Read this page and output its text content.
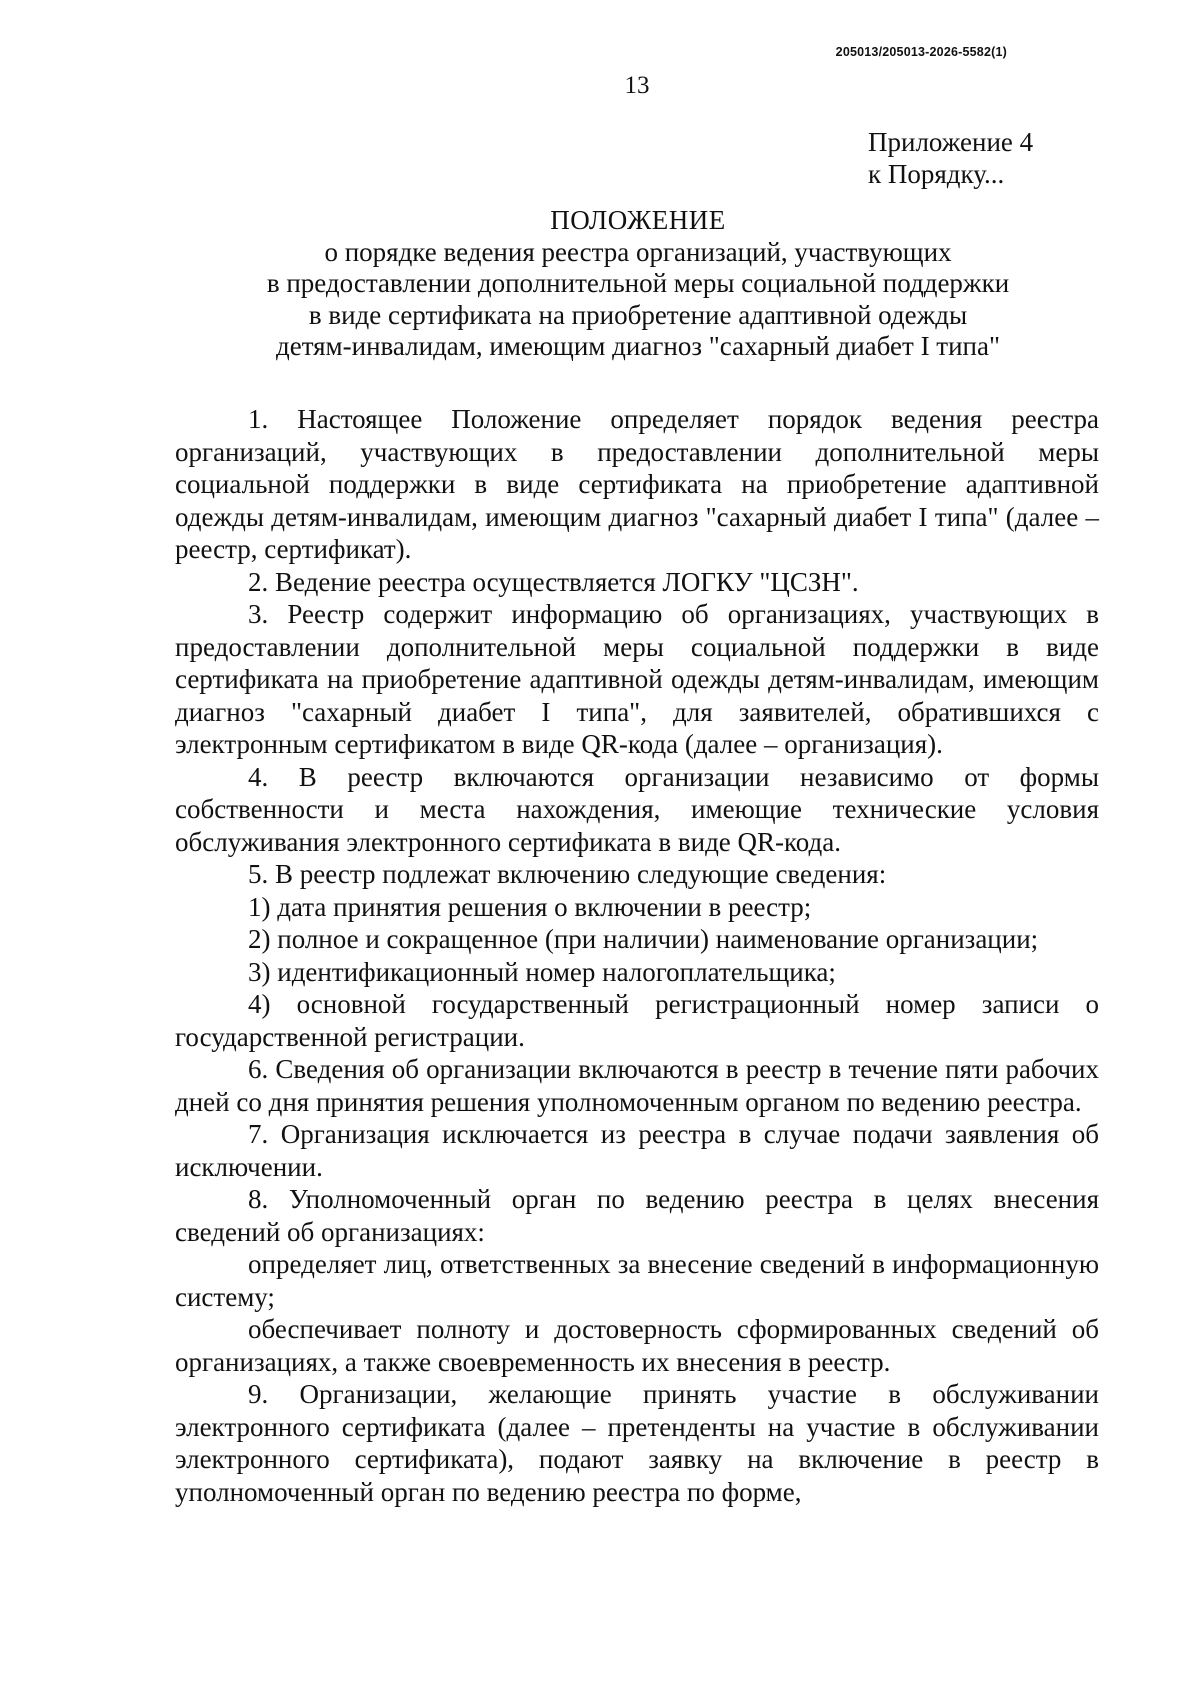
205013/205013-2026-5582(1)
13
Приложение 4
к Порядку...
ПОЛОЖЕНИЕ
о порядке ведения реестра организаций, участвующих
в предоставлении дополнительной меры социальной поддержки
в виде сертификата на приобретение адаптивной одежды
детям-инвалидам, имеющим диагноз "сахарный диабет I типа"

1. Настоящее Положение определяет порядок ведения реестра организаций, участвующих в предоставлении дополнительной меры социальной поддержки в виде сертификата на приобретение адаптивной одежды детям-инвалидам, имеющим диагноз "сахарный диабет I типа" (далее – реестр, сертификат).

2. Ведение реестра осуществляется ЛОГКУ "ЦСЗН".

3. Реестр содержит информацию об организациях, участвующих в предоставлении дополнительной меры социальной поддержки в виде сертификата на приобретение адаптивной одежды детям-инвалидам, имеющим диагноз "сахарный диабет I типа", для заявителей, обратившихся с электронным сертификатом в виде QR-кода (далее – организация).

4. В реестр включаются организации независимо от формы собственности и места нахождения, имеющие технические условия обслуживания электронного сертификата в виде QR-кода.

5. В реестр подлежат включению следующие сведения:

1) дата принятия решения о включении в реестр;

2) полное и сокращенное (при наличии) наименование организации;

3) идентификационный номер налогоплательщика;

4) основной государственный регистрационный номер записи о государственной регистрации.

6. Сведения об организации включаются в реестр в течение пяти рабочих дней со дня принятия решения уполномоченным органом по ведению реестра.

7. Организация исключается из реестра в случае подачи заявления об исключении.

8. Уполномоченный орган по ведению реестра в целях внесения сведений об организациях:

определяет лиц, ответственных за внесение сведений в информационную систему;

обеспечивает полноту и достоверность сформированных сведений об организациях, а также своевременность их внесения в реестр.

9. Организации, желающие принять участие в обслуживании электронного сертификата (далее – претенденты на участие в обслуживании электронного сертификата), подают заявку на включение в реестр в уполномоченный орган по ведению реестра по форме,
